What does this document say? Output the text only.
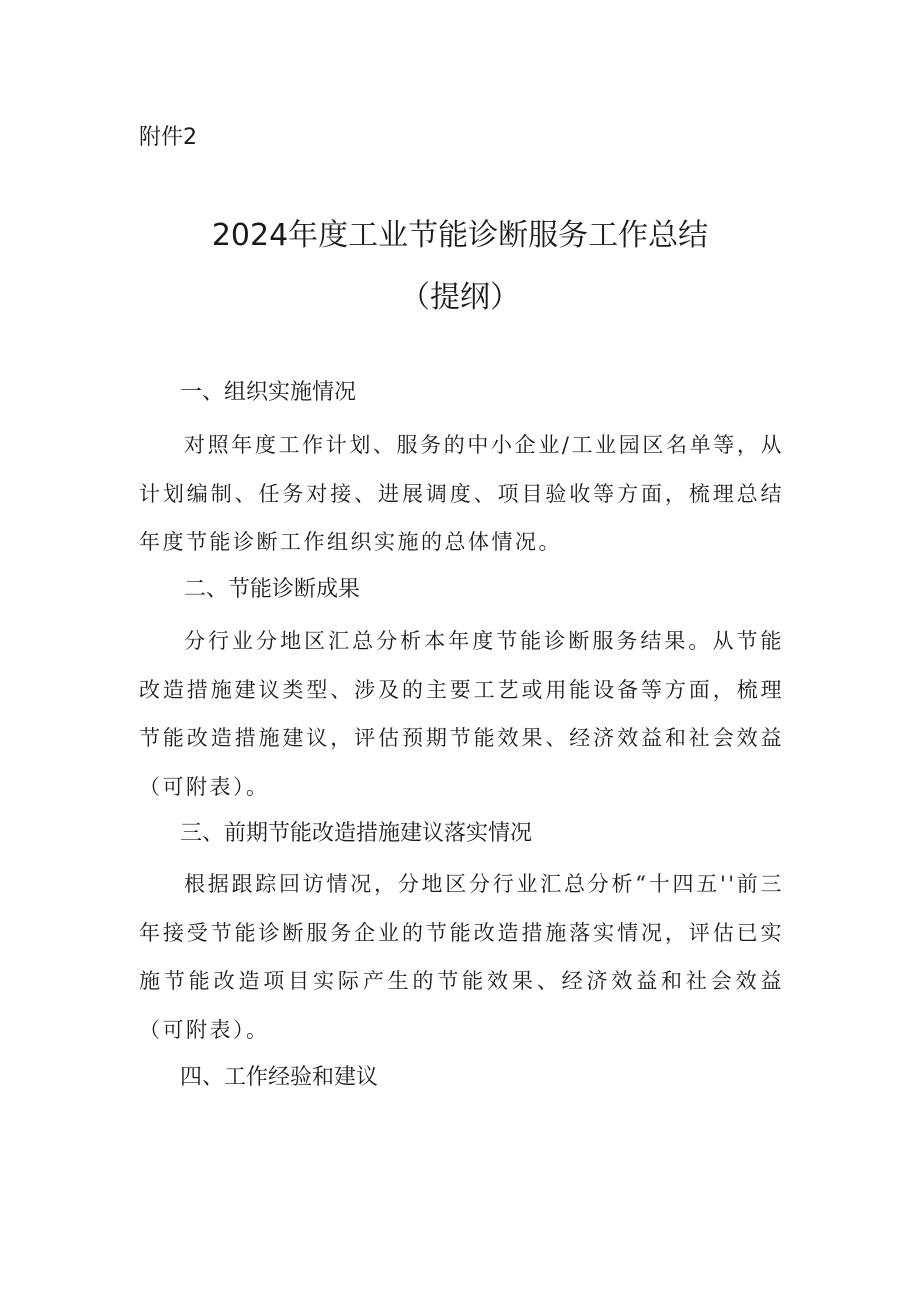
附件2
2024年度工业节能诊断服务工作总结
（提纲）
一、组织实施情况

对照年度工作计划、服务的中小企业/工业园区名单等，从计划编制、任务对接、进展调度、项目验收等方面，梳理总结年度节能诊断工作组织实施的总体情况。

二、节能诊断成果

分行业分地区汇总分析本年度节能诊断服务结果。从节能改造措施建议类型、涉及的主要工艺或用能设备等方面，梳理节能改造措施建议，评估预期节能效果、经济效益和社会效益（可附表）。

三、前期节能改造措施建议落实情况

根据跟踪回访情况，分地区分行业汇总分析“十四五''前三年接受节能诊断服务企业的节能改造措施落实情况，评估已实施节能改造项目实际产生的节能效果、经济效益和社会效益（可附表）。

四、工作经验和建议
